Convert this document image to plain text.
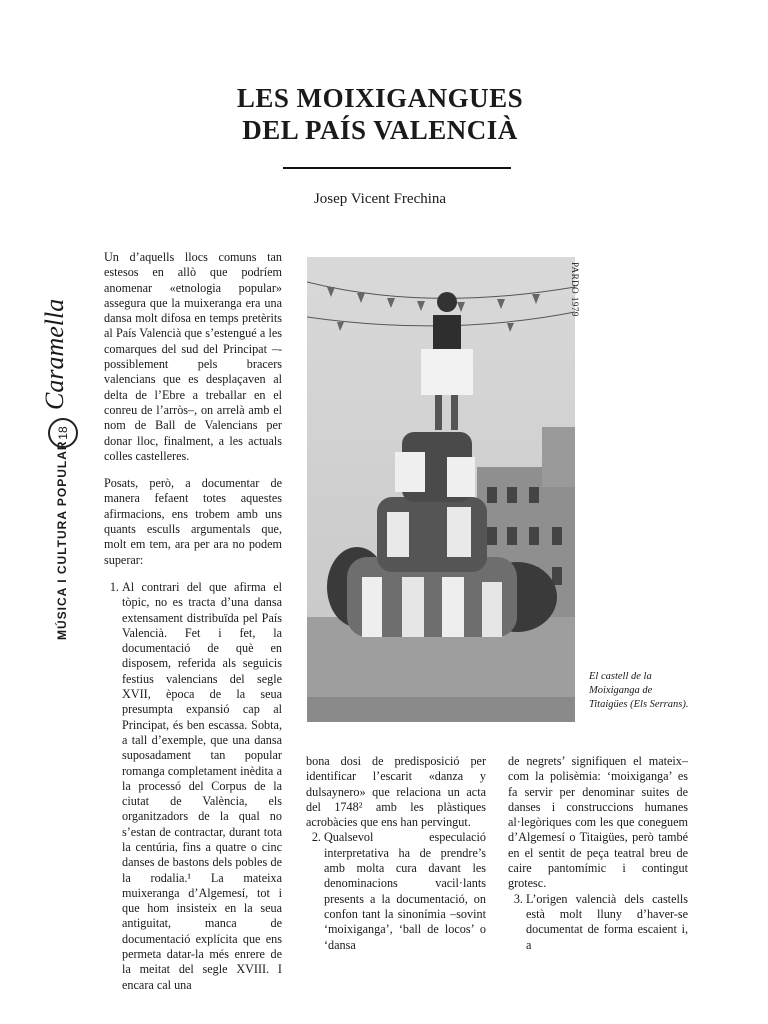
LES MOIXIGANGUES
DEL PAÍS VALENCIÀ
Josep Vicent Frechina
MÚSICA I CULTURA POPULAR
18
Caramella

Un d’aquells llocs comuns tan estesos en allò que podríem anomenar «etnologia popular» assegura que la muixeranga era una dansa molt difosa en temps pretèrits al País Valencià que s’estengué a les comarques del sud del Principat –-possiblement pels bracers valencians que es desplaçaven al delta de l’Ebre a treballar en el conreu de l’arròs–, on arrelà amb el nom de Ball de Valencians per donar lloc, finalment, a les actuals colles castelleres.

Posats, però, a documentar de manera fefaent totes aquestes afirmacions, ens trobem amb uns quants esculls argumentals que, molt em tem, ara per ara no podem superar:

1. Al contrari del que afirma el tòpic, no es tracta d’una dansa extensament distribuïda pel País Valencià. Fet i fet, la documentació de què en disposem, referida als seguicis festius valencians del segle XVII, època de la seua presumpta expansió cap al Principat, és ben escassa. Sobta, a tall d’exemple, que una dansa suposadament tan popular romanga completament inèdita a la processó del Corpus de la ciutat de València, els organitzadors de la qual no s’estan de contractar, durant tota la centúria, fins a quatre o cinc danses de bastons dels pobles de la rodalia.¹ La mateixa muixeranga d’Algemesí, tot i que hom insisteix en la seua antiguitat, manca de documentació explícita que ens permeta datar-la més enrere de la meitat del segle XVIII. I encara cal una
PARDO 1979
El castell de la Moixiganga de Titaigües (Els Serrans).
bona dosi de predisposició per identificar l’escarit «danza y dulsaynero» que relaciona un acta del 1748² amb les plàstiques acrobàcies que ens han pervingut.
2. Qualsevol especulació interpretativa ha de prendre’s amb molta cura davant les denominacions vacil·lants presents a la documentació, on confon tant la sinonímia –sovint ‘moixiganga’, ‘ball de locos’ o ‘dansa
de negrets’ signifiquen el mateix– com la polisèmia: ‘moixiganga’ es fa servir per denominar suites de danses i construccions humanes al·legòriques com les que coneguem d’Algemesí o Titaigües, però també en el sentit de peça teatral breu de caire pantomímic i contingut grotesc.
3. L’origen valencià dels castells està molt lluny d’haver-se documentat de forma escaient i, a
